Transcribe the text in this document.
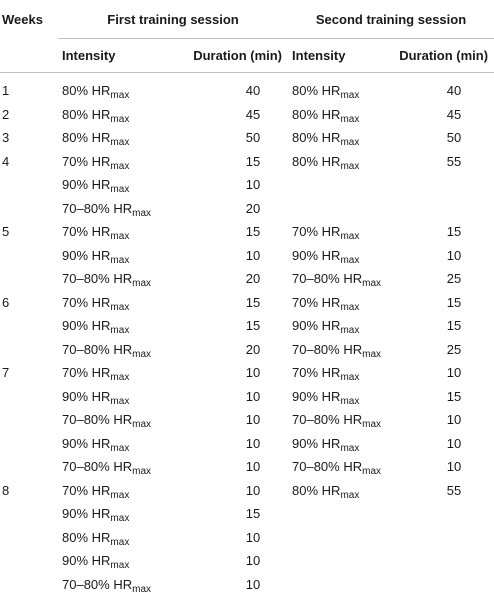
Weeks	First training session		Second training session	
	Intensity	Duration (min)	Intensity	Duration (min)
1	80% $HR_{max}$	40	80% $HR_{max}$	40
2	80% $HR_{max}$	45	80% $HR_{max}$	45
3	80% $HR_{max}$	50	80% $HR_{max}$	50
4	70% $HR_{max}$	15	80% $HR_{max}$	55
	90% $HR_{max}$	10		
	70–80% $HR_{max}$	20		
5	70% $HR_{max}$	15	70% $HR_{max}$	15
	90% $HR_{max}$	10	90% $HR_{max}$	10
	70–80% $HR_{max}$	20	70–80% $HR_{max}$	25
6	70% $HR_{max}$	15	70% $HR_{max}$	15
	90% $HR_{max}$	15	90% $HR_{max}$	15
	70–80% $HR_{max}$	20	70–80% $HR_{max}$	25
7	70% $HR_{max}$	10	70% $HR_{max}$	10
	90% $HR_{max}$	10	90% $HR_{max}$	15
	70–80% $HR_{max}$	10	70–80% $HR_{max}$	10
	90% $HR_{max}$	10	90% $HR_{max}$	10
	70–80% $HR_{max}$	10	70–80% $HR_{max}$	10
8	70% $HR_{max}$	10	80% $HR_{max}$	55
	90% $HR_{max}$	15		
	80% $HR_{max}$	10		
	90% $HR_{max}$	10		
	70–80% $HR_{max}$	10		
